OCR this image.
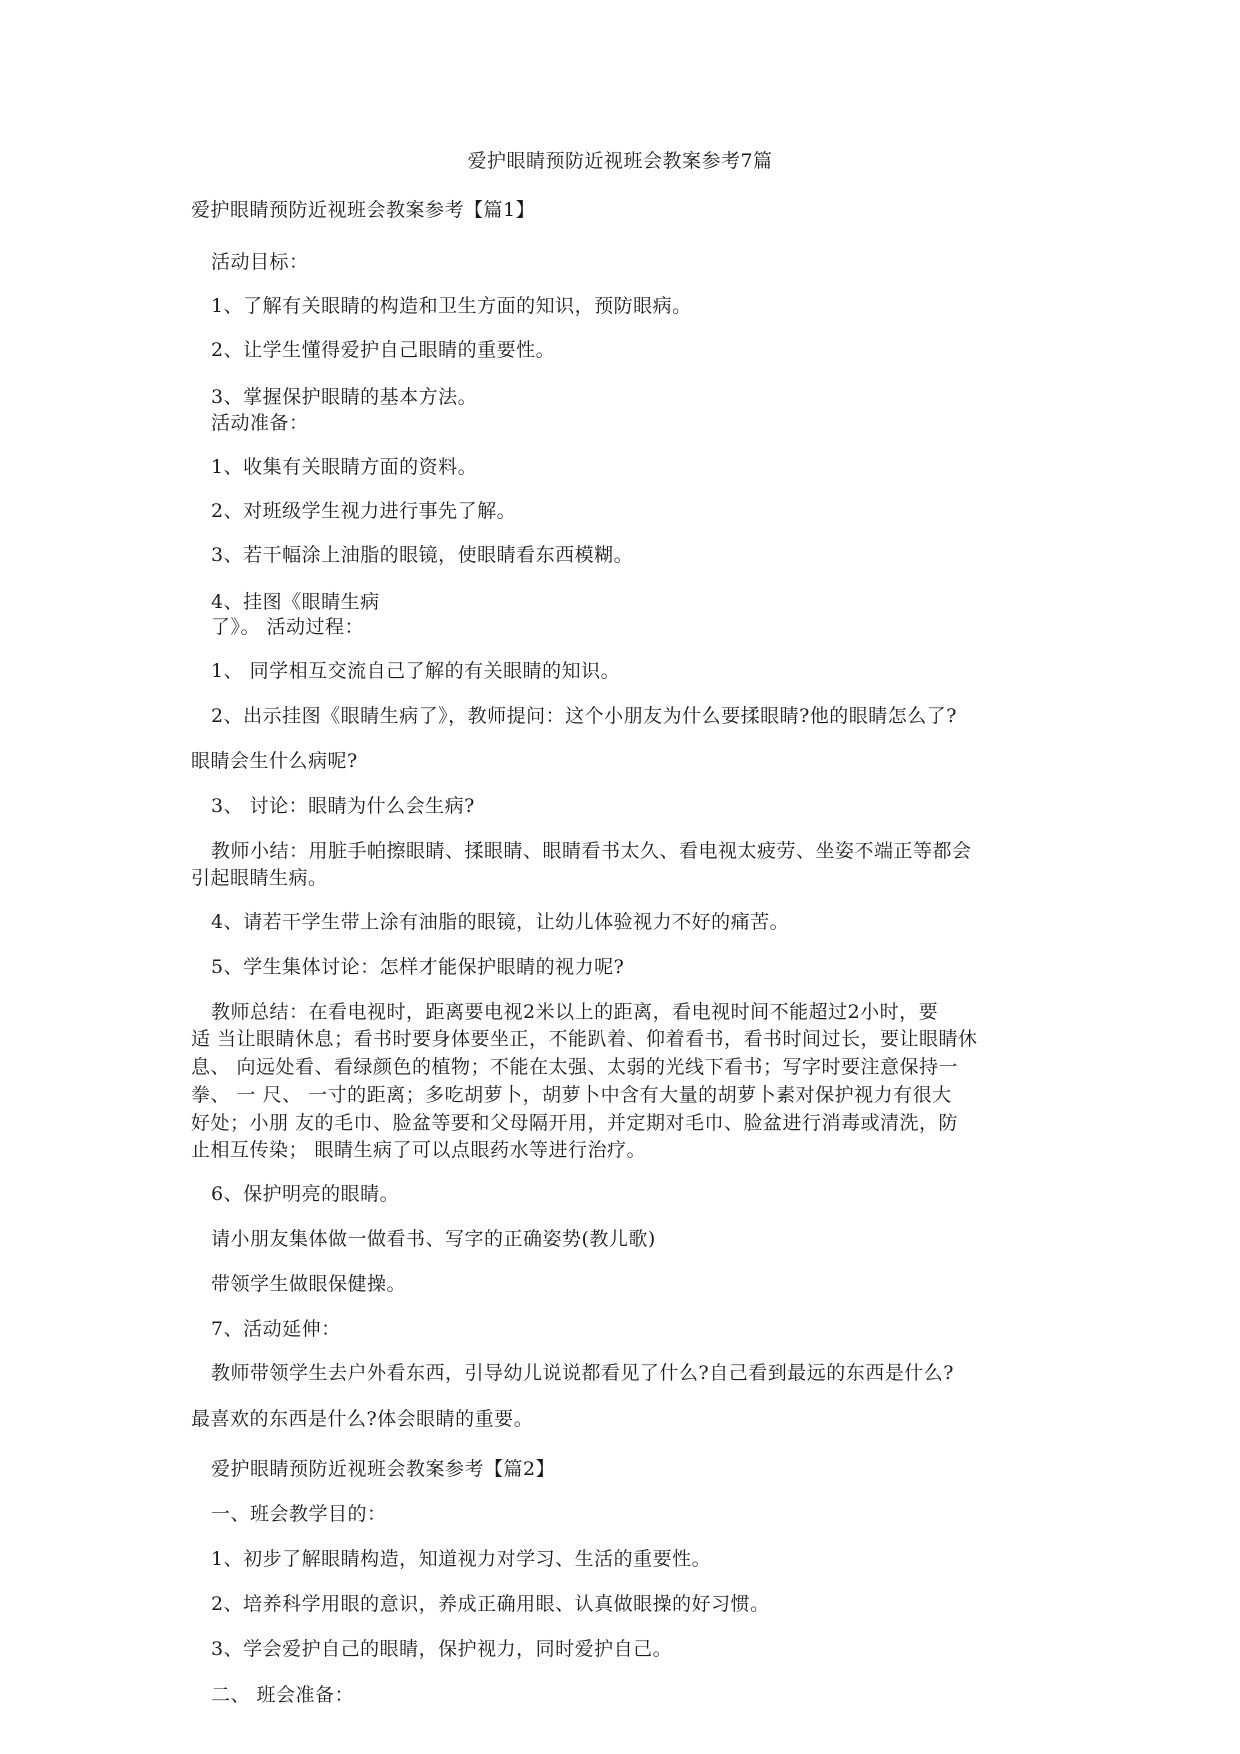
爱护眼睛预防近视班会教案参考7篇

爱护眼睛预防近视班会教案参考【篇1】

活动目标：

1、了解有关眼睛的构造和卫生方面的知识，预防眼病。

2、让学生懂得爱护自己眼睛的重要性。

3、掌握保护眼睛的基本方法。

活动准备：

1、收集有关眼睛方面的资料。

2、对班级学生视力进行事先了解。

3、若干幅涂上油脂的眼镜，使眼睛看东西模糊。

4、挂图《眼睛生病

了》。 活动过程：

1、 同学相互交流自己了解的有关眼睛的知识。

2、出示挂图《眼睛生病了》，教师提问：这个小朋友为什么要揉眼睛?他的眼睛怎么了?

眼睛会生什么病呢?

3、 讨论：眼睛为什么会生病?

教师小结：用脏手帕擦眼睛、揉眼睛、眼睛看书太久、看电视太疲劳、坐姿不端正等都会

引起眼睛生病。

4、请若干学生带上涂有油脂的眼镜，让幼儿体验视力不好的痛苦。

5、学生集体讨论：怎样才能保护眼睛的视力呢?

教师总结：在看电视时，距离要电视2米以上的距离，看电视时间不能超过2小时，要

适 当让眼睛休息；看书时要身体要坐正，不能趴着、仰着看书，看书时间过长，要让眼睛休

息、 向远处看、看绿颜色的植物；不能在太强、太弱的光线下看书；写字时要注意保持一

拳、 一 尺、 一寸的距离；多吃胡萝卜，胡萝卜中含有大量的胡萝卜素对保护视力有很大

好处；小朋 友的毛巾、脸盆等要和父母隔开用，并定期对毛巾、脸盆进行消毒或清洗，防

止相互传染； 眼睛生病了可以点眼药水等进行治疗。

6、保护明亮的眼睛。

请小朋友集体做一做看书、写字的正确姿势(教儿歌)

带领学生做眼保健操。

7、活动延伸：

教师带领学生去户外看东西，引导幼儿说说都看见了什么?自己看到最远的东西是什么?

最喜欢的东西是什么?体会眼睛的重要。

爱护眼睛预防近视班会教案参考【篇2】

一、班会教学目的：

1、初步了解眼睛构造，知道视力对学习、生活的重要性。

2、培养科学用眼的意识，养成正确用眼、认真做眼操的好习惯。

3、学会爱护自己的眼睛，保护视力，同时爱护自己。

二、 班会准备：
